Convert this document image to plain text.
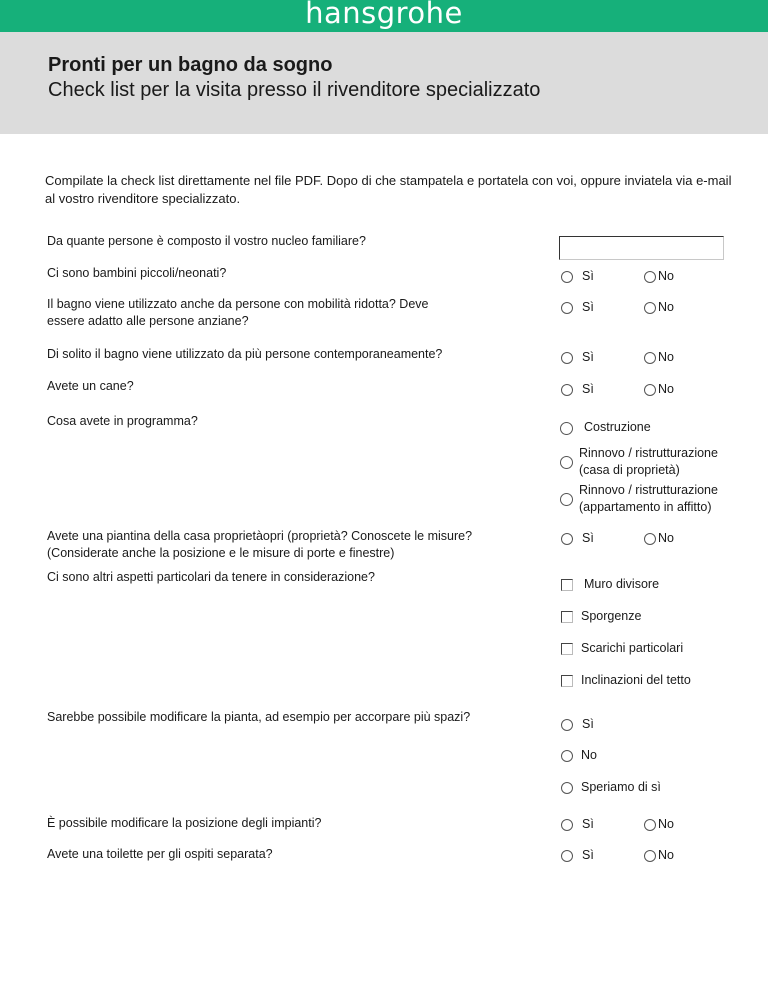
hansgrohe
Pronti per un bagno da sogno
Check list per la visita presso il rivenditore specializzato
Compilate la check list direttamente nel file PDF. Dopo di che stampatela e portatela con voi, oppure inviatela via e-mail al vostro rivenditore specializzato.
Da quante persone è composto il vostro nucleo familiare?
Ci sono bambini piccoli/neonati?	Sì	No
Il bagno viene utilizzato anche da persone con mobilità ridotta? Deve
essere adatto alle persone anziane?
Sì	No
Di solito il bagno viene utilizzato da più persone contemporaneamente?	Sì	No
Avete un cane?	Sì	No
Cosa avete in programma?	Costruzione
Rinnovo / ristrutturazione
(casa di proprietà)
Rinnovo / ristrutturazione
(appartamento in affitto)
Avete una piantina della casa proprietàopri (proprietà? Conoscete le misure?
(Considerate anche la posizione e le misure di porte e finestre)
Sì	No
Ci sono altri aspetti particolari da tenere in considerazione?	Muro divisore
Sporgenze
Scarichi particolari
Inclinazioni del tetto
Sarebbe possibile modificare la pianta, ad esempio per accorpare più spazi?	Sì
No
Speriamo di sì
È possibile modificare la posizione degli impianti?	Sì	No
Avete una toilette per gli ospiti separata?	Sì	No
